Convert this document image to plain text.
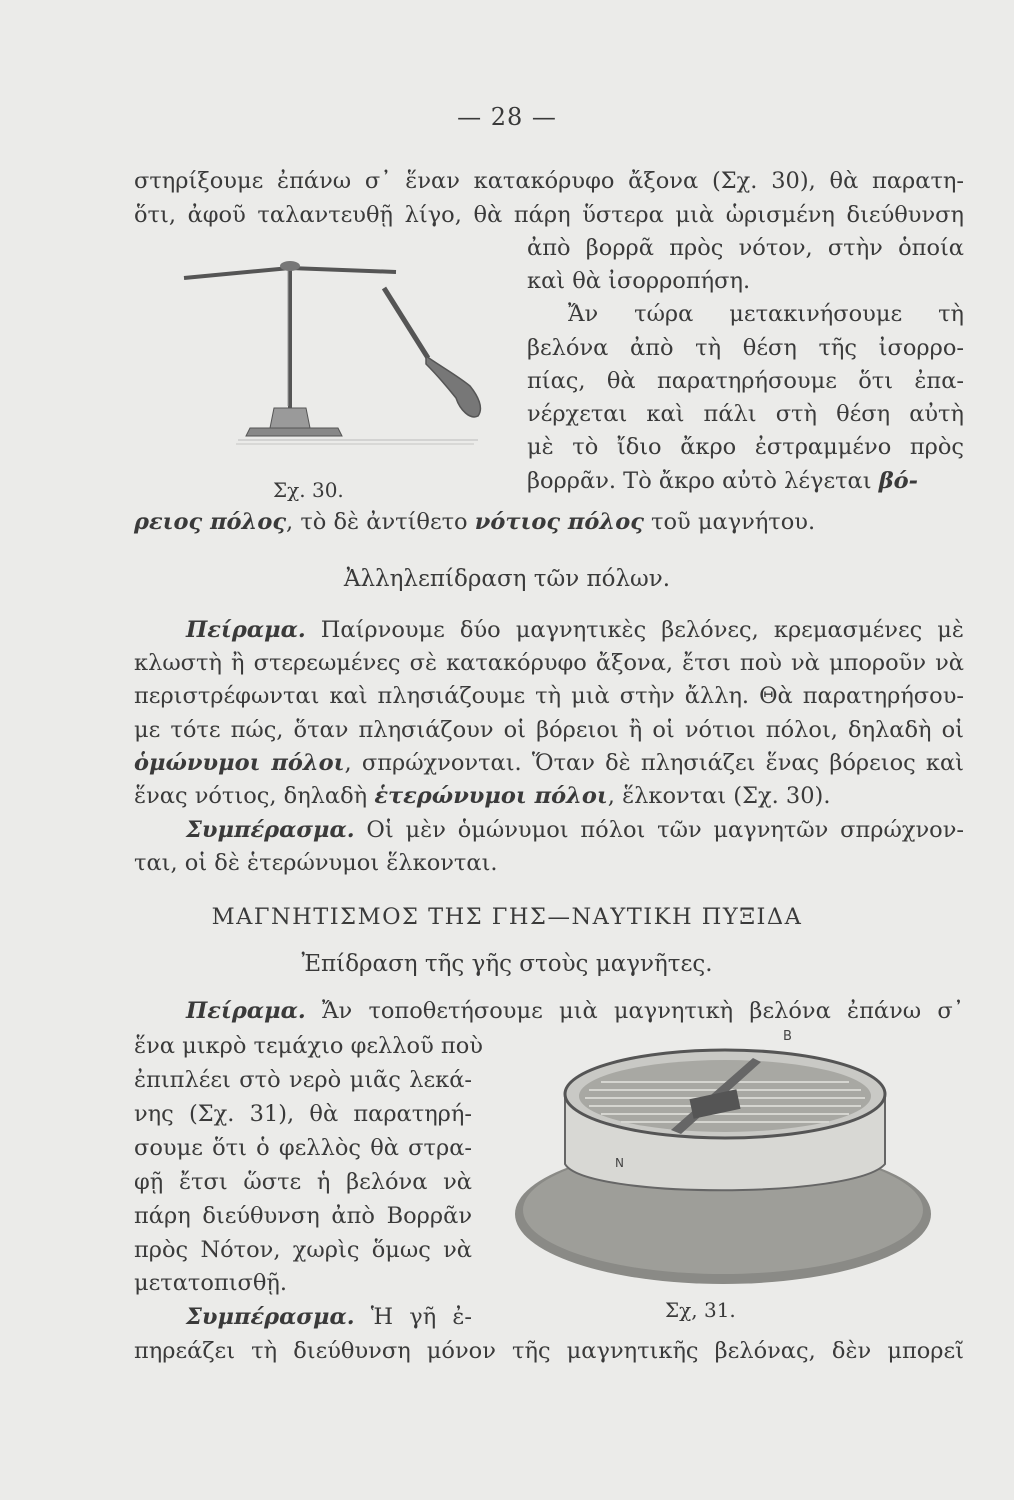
— 28 —
στηρίξουμε ἐπάνω σ᾽ ἕναν κατακόρυφο ἄξονα (Σχ. 30), θὰ παρατη-
ὅτι, ἀφοῦ ταλαντευθῇ λίγο, θὰ πάρη ὕστερα μιὰ ὡρισμένη διεύθυνση
ἀπὸ βορρᾶ πρὸς νότον, στὴν ὁποία
καὶ θὰ ἰσορροπήση.
Σχ. 30.
Ἄν τώρα μετακινήσουμε τὴ
βελόνα ἀπὸ τὴ θέση τῆς ἰσορρο-
πίας, θὰ παρατηρήσουμε ὅτι ἐπα-
νέρχεται καὶ πάλι στὴ θέση αὐτὴ
μὲ τὸ ἴδιο ἄκρο ἐστραμμένο πρὸς
βορρᾶν. Τὸ ἄκρο αὐτὸ λέγεται βό-
ρειος πόλος, τὸ δὲ ἀντίθετο νότιος πόλος τοῦ μαγνήτου.
Ἀλληλεπίδραση τῶν πόλων.
Πείραμα. Παίρνουμε δύο μαγνητικὲς βελόνες, κρεμασμένες μὲ
κλωστὴ ἢ στερεωμένες σὲ κατακόρυφο ἄξονα, ἔτσι ποὺ νὰ μποροῦν νὰ
περιστρέφωνται καὶ πλησιάζουμε τὴ μιὰ στὴν ἄλλη. Θὰ παρατηρήσου-
με τότε πώς, ὅταν πλησιάζουν οἱ βόρειοι ἢ οἱ νότιοι πόλοι, δηλαδὴ οἱ
ὁμώνυμοι πόλοι, σπρώχνονται. Ὅταν δὲ πλησιάζει ἕνας βόρειος καὶ
ἕνας νότιος, δηλαδὴ ἑτερώνυμοι πόλοι, ἕλκονται (Σχ. 30).
Συμπέρασμα. Οἱ μὲν ὁμώνυμοι πόλοι τῶν μαγνητῶν σπρώχνον-
ται, οἱ δὲ ἑτερώνυμοι ἕλκονται.
ΜΑΓΝΗΤΙΣΜΟΣ ΤΗΣ ΓΗΣ—ΝΑΥΤΙΚΗ ΠΥΞΙΔΑ
Ἐπίδραση τῆς γῆς στοὺς μαγνῆτες.
Πείραμα. Ἄν τοποθετήσουμε μιὰ μαγνητικὴ βελόνα ἐπάνω σ᾽
ἕνα μικρὸ τεμάχιο φελλοῦ ποὺ
ἐπιπλέει στὸ νερὸ μιᾶς λεκά-
νης (Σχ. 31), θὰ παρατηρή-
σουμε ὅτι ὁ φελλὸς θὰ στρα-
φῇ ἔτσι ὥστε ἡ βελόνα νὰ
πάρη διεύθυνση ἀπὸ Βορρᾶν
πρὸς Νότον, χωρὶς ὅμως νὰ
μετατοπισθῇ.
Συμπέρασμα. Ἡ γῆ ἐ-
πηρεάζει τὴ διεύθυνση μόνον τῆς μαγνητικῆς βελόνας, δὲν μπορεῖ
B
N
Σχ, 31.
